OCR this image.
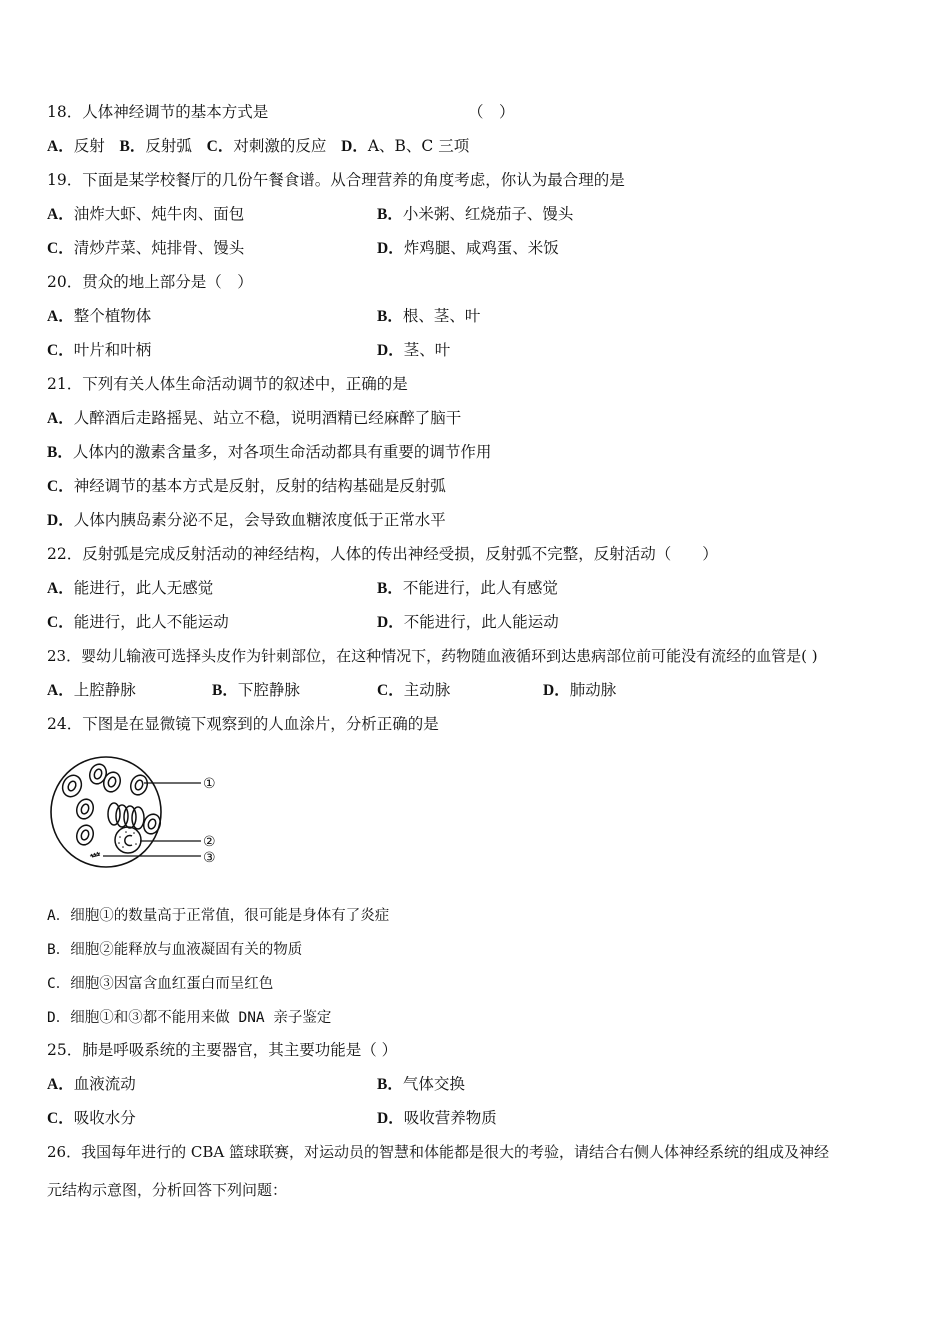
18．人体神经调节的基本方式是	（　）
A．反射 B．反射弧 C．对刺激的反应 D．A、B、C 三项
19．下面是某学校餐厅的几份午餐食谱。从合理营养的角度考虑，你认为最合理的是
A．油炸大虾、炖牛肉、面包	B．小米粥、红烧茄子、馒头
C．清炒芹菜、炖排骨、馒头	D．炸鸡腿、咸鸡蛋、米饭
20．贯众的地上部分是（　）
A．整个植物体	B．根、茎、叶
C．叶片和叶柄	D．茎、叶
21．下列有关人体生命活动调节的叙述中，正确的是
A．人醉酒后走路摇晃、站立不稳，说明酒精已经麻醉了脑干
B．人体内的激素含量多，对各项生命活动都具有重要的调节作用
C．神经调节的基本方式是反射，反射的结构基础是反射弧
D．人体内胰岛素分泌不足，会导致血糖浓度低于正常水平
22．反射弧是完成反射活动的神经结构，人体的传出神经受损，反射弧不完整，反射活动（　　）
A．能进行，此人无感觉	B．不能进行，此人有感觉
C．能进行，此人不能运动	D．不能进行，此人能运动
23．婴幼儿输液可选择头皮作为针刺部位，在这种情况下，药物随血液循环到达患病部位前可能没有流经的血管是( )
A．上腔静脉	B．下腔静脉	C．主动脉	D．肺动脉
24．下图是在显微镜下观察到的人血涂片，分析正确的是
①
②
③
A．细胞①的数量高于正常值，很可能是身体有了炎症
B．细胞②能释放与血液凝固有关的物质
C．细胞③因富含血红蛋白而呈红色
D．细胞①和③都不能用来做 DNA 亲子鉴定
25．肺是呼吸系统的主要器官，其主要功能是（ ）
A．血液流动	B．气体交换
C．吸收水分	D．吸收营养物质
26．我国每年进行的 CBA 篮球联赛，对运动员的智慧和体能都是很大的考验，请结合右侧人体神经系统的组成及神经
元结构示意图，分析回答下列问题：
